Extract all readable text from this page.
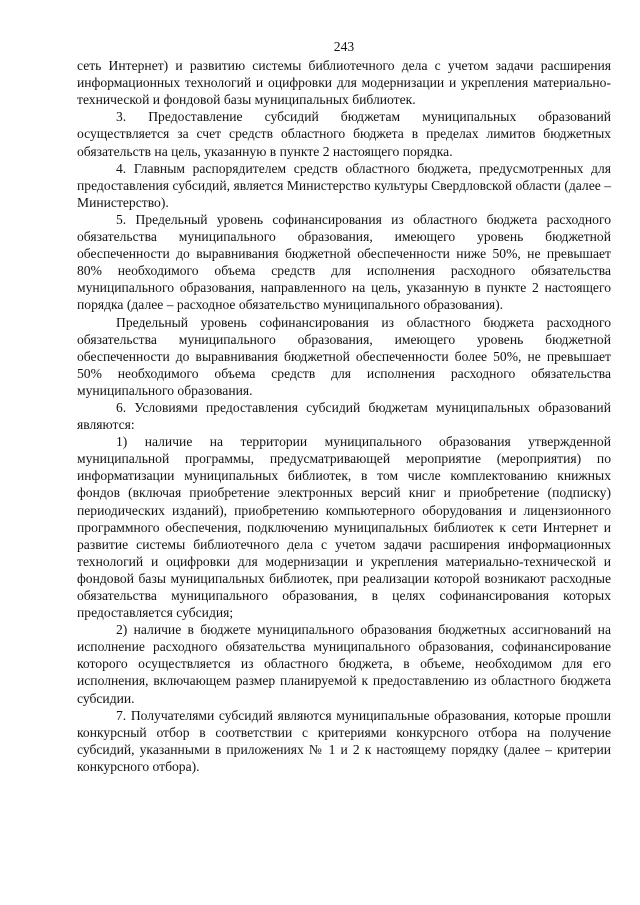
243

сеть Интернет) и развитию системы библиотечного дела с учетом задачи расширения информационных технологий и оцифровки для модернизации и укрепления материально-технической и фондовой базы муниципальных библиотек.

3. Предоставление субсидий бюджетам муниципальных образований осуществляется за счет средств областного бюджета в пределах лимитов бюджетных обязательств на цель, указанную в пункте 2 настоящего порядка.

4. Главным распорядителем средств областного бюджета, предусмотренных для предоставления субсидий, является Министерство культуры Свердловской области (далее – Министерство).

5. Предельный уровень софинансирования из областного бюджета расходного обязательства муниципального образования, имеющего уровень бюджетной обеспеченности до выравнивания бюджетной обеспеченности ниже 50%, не превышает 80% необходимого объема средств для исполнения расходного обязательства муниципального образования, направленного на цель, указанную в пункте 2 настоящего порядка (далее – расходное обязательство муниципального образования).

Предельный уровень софинансирования из областного бюджета расходного обязательства муниципального образования, имеющего уровень бюджетной обеспеченности до выравнивания бюджетной обеспеченности более 50%, не превышает 50% необходимого объема средств для исполнения расходного обязательства муниципального образования.

6. Условиями предоставления субсидий бюджетам муниципальных образований являются:

1) наличие на территории муниципального образования утвержденной муниципальной программы, предусматривающей мероприятие (мероприятия) по информатизации муниципальных библиотек, в том числе комплектованию книжных фондов (включая приобретение электронных версий книг и приобретение (подписку) периодических изданий), приобретению компьютерного оборудования и лицензионного программного обеспечения, подключению муниципальных библиотек к сети Интернет и развитие системы библиотечного дела с учетом задачи расширения информационных технологий и оцифровки для модернизации и укрепления материально-технической и фондовой базы муниципальных библиотек, при реализации которой возникают расходные обязательства муниципального образования, в целях софинансирования которых предоставляется субсидия;

2) наличие в бюджете муниципального образования бюджетных ассигнований на исполнение расходного обязательства муниципального образования, софинансирование которого осуществляется из областного бюджета, в объеме, необходимом для его исполнения, включающем размер планируемой к предоставлению из областного бюджета субсидии.

7. Получателями субсидий являются муниципальные образования, которые прошли конкурсный отбор в соответствии с критериями конкурсного отбора на получение субсидий, указанными в приложениях № 1 и 2 к настоящему порядку (далее – критерии конкурсного отбора).
